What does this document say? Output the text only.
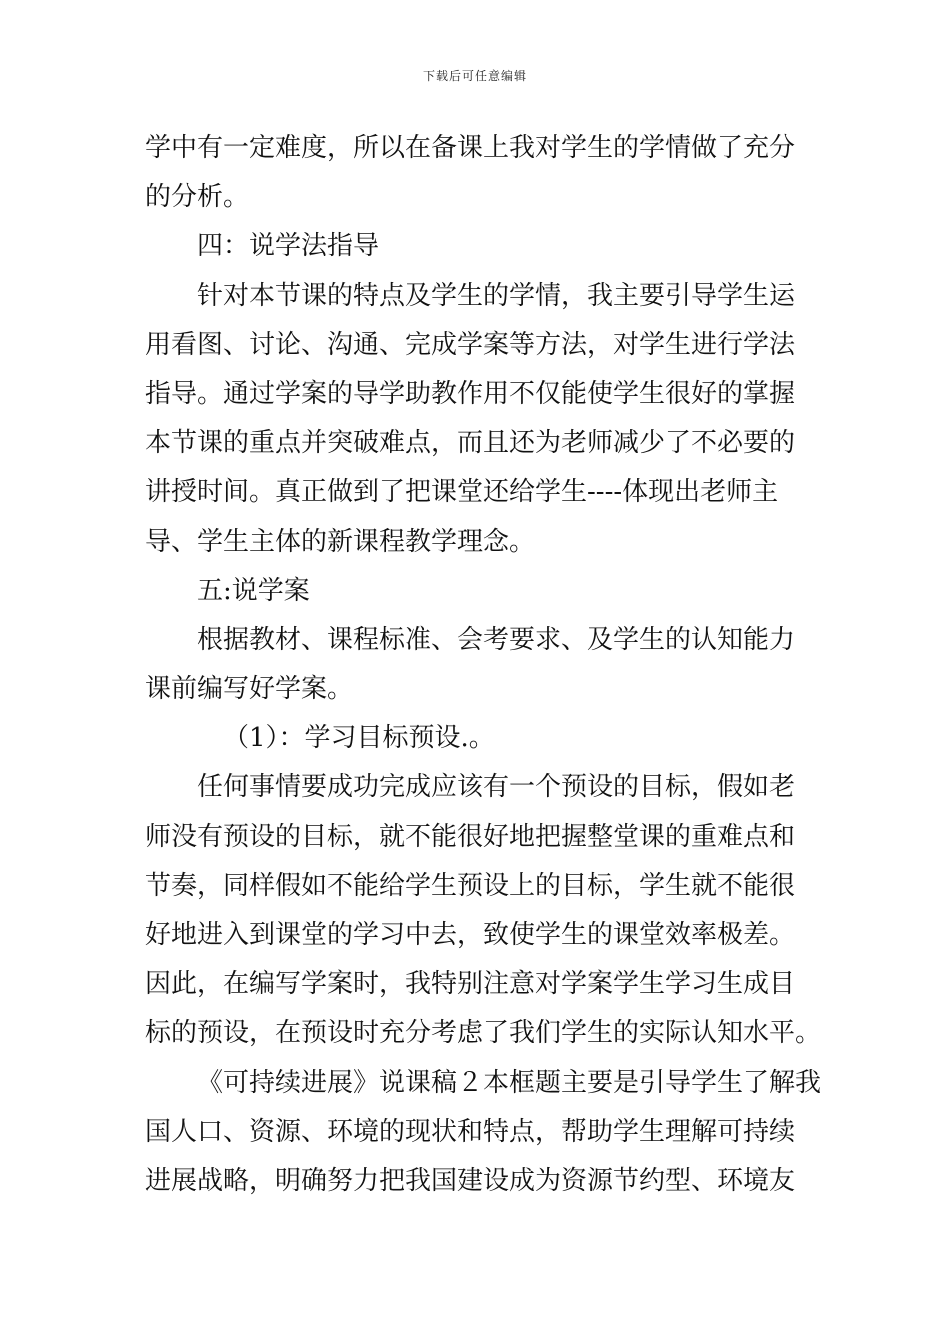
下载后可任意编辑
学中有一定难度，所以在备课上我对学生的学情做了充分
的分析。
四：说学法指导
针对本节课的特点及学生的学情，我主要引导学生运
用看图、讨论、沟通、完成学案等方法，对学生进行学法
指导。通过学案的导学助教作用不仅能使学生很好的掌握
本节课的重点并突破难点，而且还为老师减少了不必要的
讲授时间。真正做到了把课堂还给学生----体现出老师主
导、学生主体的新课程教学理念。
五:说学案
根据教材、课程标准、会考要求、及学生的认知能力
课前编写好学案。
（1）：学习目标预设.。
任何事情要成功完成应该有一个预设的目标，假如老
师没有预设的目标，就不能很好地把握整堂课的重难点和
节奏，同样假如不能给学生预设上的目标，学生就不能很
好地进入到课堂的学习中去，致使学生的课堂效率极差。
因此，在编写学案时，我特别注意对学案学生学习生成目
标的预设，在预设时充分考虑了我们学生的实际认知水平。
《可持续进展》说课稿２本框题主要是引导学生了解我
国人口、资源、环境的现状和特点，帮助学生理解可持续
进展战略，明确努力把我国建设成为资源节约型、环境友
